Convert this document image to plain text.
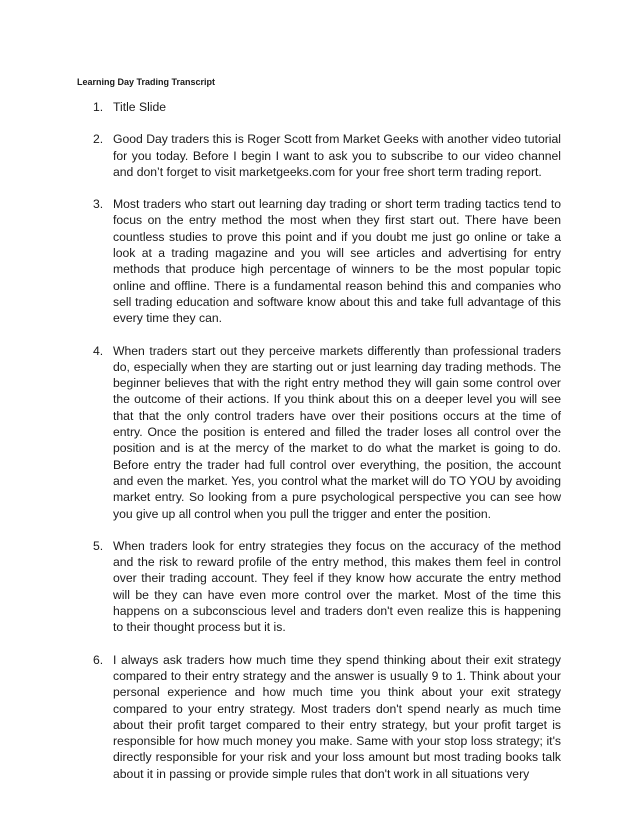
Learning Day Trading Transcript
1. Title Slide
2. Good Day traders this is Roger Scott from Market Geeks with another video tutorial for you today. Before I begin I want to ask you to subscribe to our video channel and don’t forget to visit marketgeeks.com for your free short term trading report.
3. Most traders who start out learning day trading or short term trading tactics tend to focus on the entry method the most when they first start out. There have been countless studies to prove this point and if you doubt me just go online or take a look at a trading magazine and you will see articles and advertising for entry methods that produce high percentage of winners to be the most popular topic online and offline. There is a fundamental reason behind this and companies who sell trading education and software know about this and take full advantage of this every time they can.
4. When traders start out they perceive markets differently than professional traders do, especially when they are starting out or just learning day trading methods. The beginner believes that with the right entry method they will gain some control over the outcome of their actions. If you think about this on a deeper level you will see that that the only control traders have over their positions occurs at the time of entry. Once the position is entered and filled the trader loses all control over the position and is at the mercy of the market to do what the market is going to do. Before entry the trader had full control over everything, the position, the account and even the market. Yes, you control what the market will do TO YOU by avoiding market entry. So looking from a pure psychological perspective you can see how you give up all control when you pull the trigger and enter the position.
5. When traders look for entry strategies they focus on the accuracy of the method and the risk to reward profile of the entry method, this makes them feel in control over their trading account. They feel if they know how accurate the entry method will be they can have even more control over the market. Most of the time this happens on a subconscious level and traders don't even realize this is happening to their thought process but it is.
6. I always ask traders how much time they spend thinking about their exit strategy compared to their entry strategy and the answer is usually 9 to 1. Think about your personal experience and how much time you think about your exit strategy compared to your entry strategy. Most traders don't spend nearly as much time about their profit target compared to their entry strategy, but your profit target is responsible for how much money you make. Same with your stop loss strategy; it's directly responsible for your risk and your loss amount but most trading books talk about it in passing or provide simple rules that don't work in all situations very
